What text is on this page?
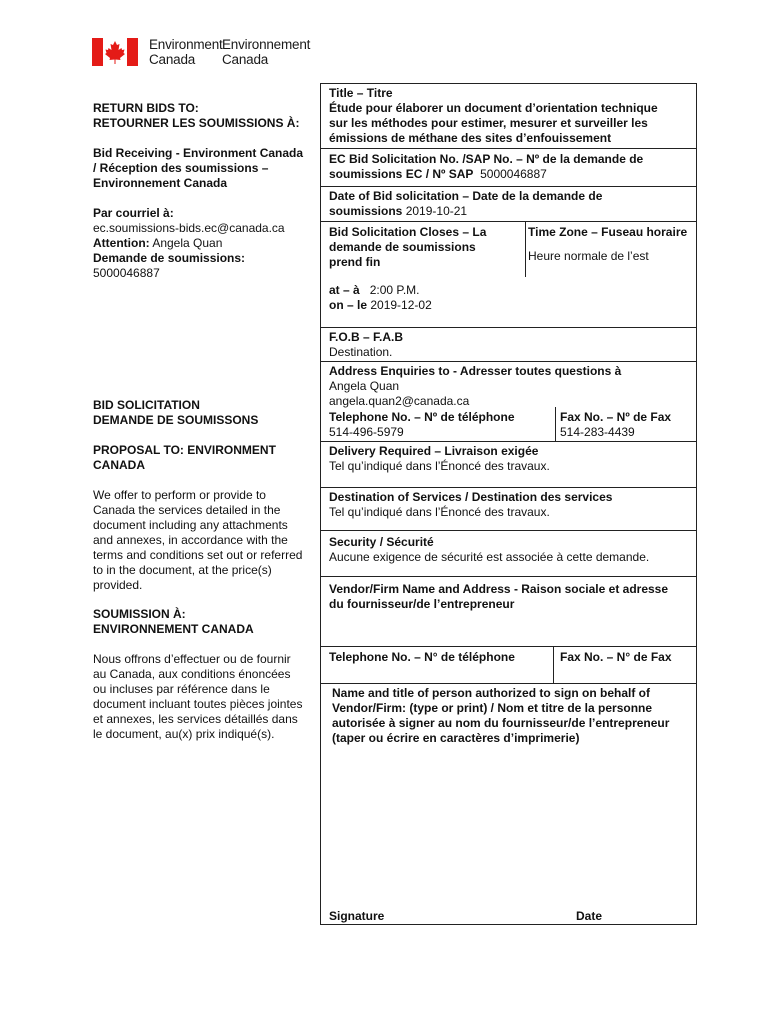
Environment
Canada
Environnement
Canada

RETURN BIDS TO:

RETOURNER LES SOUMISSIONS À:

Bid Receiving - Environment Canada

/ Réception des soumissions –

Environnement Canada

Par courriel à:

ec.soumissions-bids.ec@canada.ca

Attention: Angela Quan

Demande de soumissions:

5000046887

BID SOLICITATION

DEMANDE DE SOUMISSONS

PROPOSAL TO: ENVIRONMENT

CANADA

We offer to perform or provide to

Canada the services detailed in the

document including any attachments

and annexes, in accordance with the

terms and conditions set out or referred

to in the document, at the price(s)

provided.

SOUMISSION À:

ENVIRONNEMENT CANADA

Nous offrons d’effectuer ou de fournir

au Canada, aux conditions énoncées

ou incluses par référence dans le

document incluant toutes pièces jointes

et annexes, les services détaillés dans

le document, au(x) prix indiqué(s).

Title – Titre

Étude pour élaborer un document d’orientation technique

sur les méthodes pour estimer, mesurer et surveiller les

émissions de méthane des sites d’enfouissement

EC Bid Solicitation No. /SAP No. – Nº de la demande de

soumissions EC / Nº SAP 5000046887

Date of Bid solicitation – Date de la demande de

soumissions 2019-10-21

Bid Solicitation Closes – La

demande de soumissions

prend fin

Time Zone – Fuseau horaire

Heure normale de l’est

at – à 2:00 P.M.

on – le 2019-12-02

F.O.B – F.A.B

Destination.

Address Enquiries to - Adresser toutes questions à

Angela Quan

angela.quan2@canada.ca

Telephone No. – Nº de téléphone

514-496-5979

Fax No. – Nº de Fax

514-283-4439

Delivery Required – Livraison exigée

Tel qu’indiqué dans l’Énoncé des travaux.

Destination of Services / Destination des services

Tel qu’indiqué dans l’Énoncé des travaux.

Security / Sécurité

Aucune exigence de sécurité est associée à cette demande.

Vendor/Firm Name and Address - Raison sociale et adresse

du fournisseur/de l’entrepreneur

Telephone No. – N° de téléphone	Fax No. – N° de Fax

Name and title of person authorized to sign on behalf of

Vendor/Firm: (type or print) / Nom et titre de la personne

autorisée à signer au nom du fournisseur/de l’entrepreneur

(taper ou écrire en caractères d’imprimerie)

Signature	Date
